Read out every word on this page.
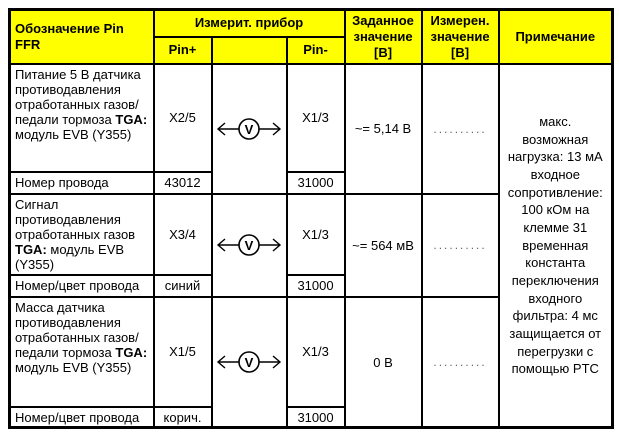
Обозначение Pin FFR	Измерит. прибор			Заданное значение [В]	Измерен. значение [В]	Примечание
	Pin+		Pin-			
Питание 5 В датчика противодавления отработанных газов/педали тормоза TGA: модуль EVB (Y355)	X2/5	V	X1/3	~= 5,14 В	..........	макс. возможная нагрузка: 13 мА входное сопротивление: 100 кОм на клемме 31 временная константа переключения входного фильтра: 4 мс защищается от перегрузки с помощью PTC
Номер провода	43012		31000			
Сигнал противодавления отработанных газов TGA: модуль EVB (Y355)	X3/4	V	X1/3	~= 564 мВ	..........	
Номер/цвет провода	синий		31000			
Масса датчика противодавления отработанных газов/педали тормоза TGA: модуль EVB (Y355)	X1/5	V	X1/3	0 В	..........	
Номер/цвет провода	корич.		31000			
